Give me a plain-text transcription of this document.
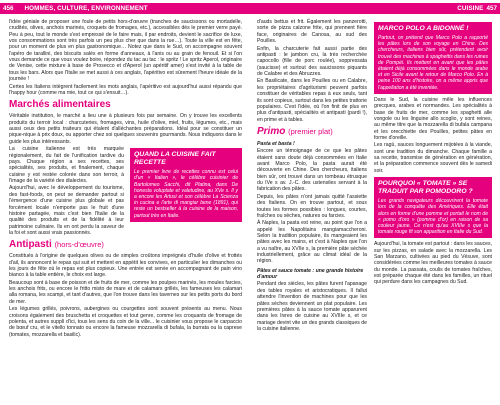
456 HOMMES, CULTURE, ENVIRONNEMENT	CUISINE 457

l'idée géniale de proposer une foule de petits hors-d'œuvre (tranches de saucissons ou mortadelle, crudités, olives, anchois marinés, croquets de fromages, etc.), accessibles dès le premier verre payé. Peu à peu, tout le monde s'est empressé de le faire mais, il par endroits, devient le sacrifice de luxe, vos consommations sont très parfois un peu plus cher que dans la rue…). Toute la ville est en fête, pour un moment de plus en plus gastronomique… Notez que dans le Sud, on accompagne souvent l'apéro de tarallini, des biscuits salés en forme d'anneaux, à l'anis ou au grain de fenouil. Et si l'on vous demande ce que vous voulez boire, répondez du tac au tac : le spritz ! Le spritz Aperol, originaire de Venise, cette mixture à base de Prosecco et d'Aperol (un apéritif amer) s'est invité à la table de tous les bars. Alors que l'Italie se met aussi à ces anglais, l'apéritivo est sûrement l'heure idéale de la journée !

Certes les Italiens intègrent facilement les mots anglais, l'apéritivo est aujourd'hui aussi répandu que l'happy hour (comme ma mie, tout ce qui s'ensuit…).

Marchés alimentaires

Véritable institution, le marché a lieu une à plusieurs fois par semaine. On y trouve les excellents produits du terroir local : charcuteries, fromages, vins, huile d'olive, miel, fruits, légumes, etc., mais aussi ceux des petits traiteurs qui étalent d'alléchantes préparations. Idéal pour se constituer un pique-nique à prix doux, ou apporter chez soi quelques souvenirs gourmands. Nous indiquons dans le guide les plus intéressants.

QUAND LA CUISINE FAIT RECETTE
Le premier livre de recettes connu est celui d'un « Italien », le célèbre cuisinier de Bartolomeo Sacchi, dit Platina, dans De honesta voluptate et valetudine, au XVe s. Il y a encore les Artusi et son célèbre La Scienza in cucina e l'arte di mangiar bene (1891), qui reste un bestseller à la cuisine de la maison, partout très en Italie.

La cuisine italienne est très marquée régionalement, du fait de l'unification tardive du pays. Chaque région a ses recettes, ses spécialités, ses produits, et finalement, chaque cuisine y est restée colorée dans son terroir, à l'image de la variété des dialectes.

Aujourd'hui, avec le développement du tourisme, des fast-foods, on peut se demander partout si l'émergence d'une cuisine plus globale et pas forcément locale n'emporte pas le fruit d'une histoire partagée, mais c'est bien l'Italie de la qualité des produits et de la fidélité à leur patrimoine culinaire. Ils en ont perdu la saveur de la foi et sont aussi vrais passionnés.

Antipasti (hors-d'œuvre)

Constitués à l'origine de quelques olives ou de simples croûtons imprégnés d'huile d'olive et frottés d'ail, ils annoncent le repas qui suit et mettent en appétit les convives, en particulier les dimanches ou les jours de fête où le repas est plus copieux. Une entrée est servie en accompagnant de pain vino bianco à la table entière, le choix est large.

Beaucoup sont à base de poisson et de fruits de mer, comme les poulpes marinés, les moules farcies, les anchois frits, ou encore le fritto misto de mare et de calamars grillés, les fameuses les calamari alla romana, les scampi, et tant d'autres, que l'on trouve dans les tavernes sur les petits ports du bord de mer.

Les légumes grillés, poivrons, aubergines ou courgettes sont souvent présents au menu. Nous croisons également des bruschetta et croquettes et tout genre, comme les croquants de fromage de polenta, et autres supplì d'ici, tous les sens du coin de la ville... le cuisinier vous propose le carpaccio de bœuf cru, et le vitello tonnato ou encore la fameuse mozzarella di bufala, la burrata ou la caprese (tomates, mozzarella et basilic).

d'auds bettus et frit. Également les panzerotti, sorte de pizza calzone frite, qui prennent fière face, originaires de Canosa, au sud des Pouilles.

Enfin, la charcuterie fait aussi partie des antipasti : le jambon cru, la très recherchée capocollo (fille de porc roulée), soppressata (saucisse) et surtout des saucissons piquants de Calabre et des Abruzzes.

En Basilicate, dans les Pouilles ou en Calabre, les propriétaires d'agriturismi peuvent parfois constituer de véritables repas à eux seuls, tant ils sont copieux, surtout dans les petites trattorie populaires. C'est l'idée, où l'on finit de plus en plus d'antipasti, spécialités et antipasti (pardi !), en prime et à tables.

Primo (premier plat)
Pasta et basta !

Encore un témoignage de ce que les pâtes étaient sans doute déjà consommées en Italie avant Marco Polo, la pasta aurait été découverte en Chine. Des chercheurs, italiens bien sûr, ont trouvé dans un tombeau étrusque du IVe s av. J.-C. des ustensiles servant à la fabrication des pâtes.

Depuis, les pâtes n'ont jamais quitté l'assiette des Italiens. On en trouve partout, et sous toutes les formes possibles : longues, courtes, fraîches ou sèches, natures ou farcies.

À Naples, la pasta est reine, au point que l'on a appelé les Napolitains mangiamaccheroni. Selon la tradition populaire, ils mangeaient les pâtes avec les mains, et c'est à Naples que l'on a vu naître, au XVIIe s, la première pâte séchée industriellement, grâce au climat idéal de la région.

Pâtes et sauce tomate : une grande histoire d'amour

Pendant des siècles, les pâtes furent l'apanage des tables royales et aristocratiques. Il fallut attendre l'invention de machines pour que les pâtes sèches deviennent un plat populaire. Les premières pâtes à la sauce tomate apparurent dans les livres de cuisine au XVIIIe s, et ce mariage devint vite un des grands classiques de la cuisine italienne.

MARCO POLO A BIDONNÉ !
Partout, on prétend que Marco Polo a rapporté les pâtes lors de son voyage en Chine. Des chercheurs, italiens bien sûr, prétendent avoir trouvé des machines à spaghettis dans les ruines de Pompéi. Ils mettent en avant que les pâtes étaient déjà consommées dans le monde arabe et en Sicile avant le retour de Marco Polo. En à peine 100 ans d'histoire, on a même appris que l'appellation a été inventée.

Dans le Sud, la cuisine mêle les influences grecques, arabes et normandes. Les spécialités à base de fruits de mer, comme les spaghetti alle vongole ou les linguine allo scoglio, y sont reines, au même titre que la mozzarella di bufala campana et les orecchiette des Pouilles, petites pâtes en forme d'oreille.

Les ragù, sauces longuement mijotées à la viande, sont une tradition du dimanche. Chaque famille a sa recette, transmise de génération en génération, et la préparation commence souvent dès le samedi soir.

POURQUOI « TOMATE » SE TRADUIT PAR POMODORO ?
Les grands navigateurs découvrirent la tomate lors de la conquête des Amériques. Elle était alors en forme d'une pomme et portait le nom de « pomo d'oro » (pomme d'or) en raison de sa couleur jaune. Ce n'est qu'au XVIIIe s que la tomate rouge fit son apparition en Italie du Sud.

Aujourd'hui, la tomate est partout : dans les sauces, sur les pizzas, en salade avec la mozzarella. Les San Marzano, cultivées au pied du Vésuve, sont considérées comme les meilleures tomates à sauce du monde. La passata, coulis de tomates fraîches, est préparée chaque été dans les familles, un rituel qui perdure dans les campagnes du Sud.
